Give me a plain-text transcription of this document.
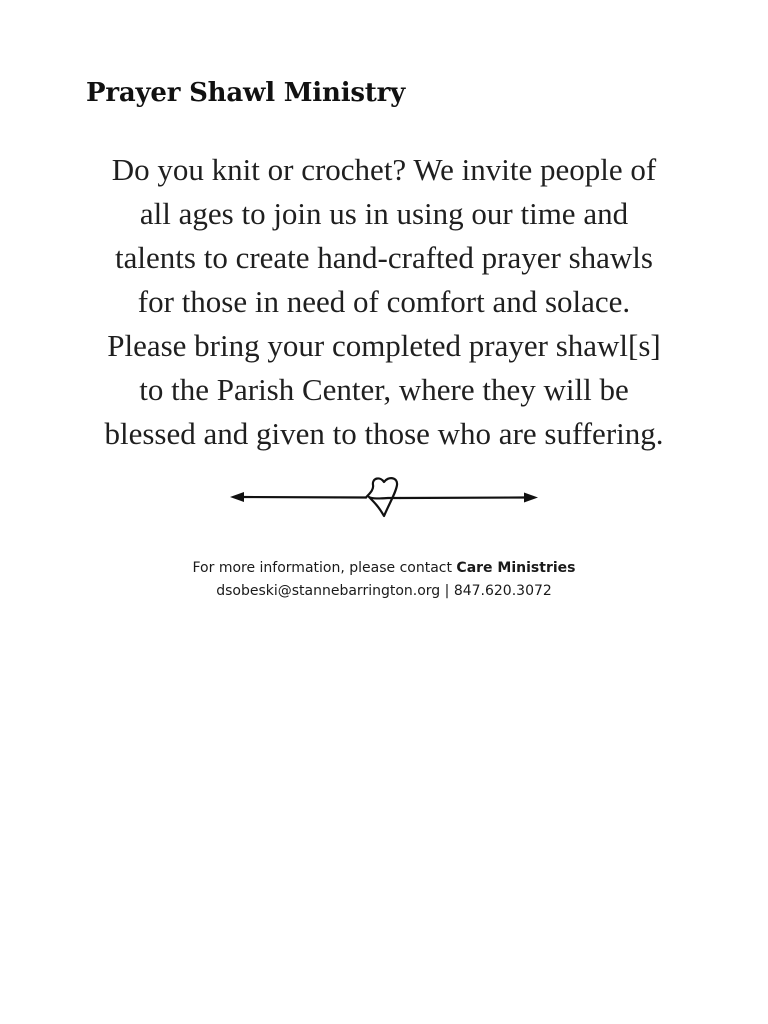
Prayer Shawl Ministry
Do you knit or crochet? We invite people of
all ages to join us in using our time and
talents to create hand-crafted prayer shawls
for those in need of comfort and solace.
Please bring your completed prayer shawl[s]
to the Parish Center, where they will be
blessed and given to those who are suffering.
For more information, please contact Care Ministries
dsobeski@stannebarrington.org | 847.620.3072
